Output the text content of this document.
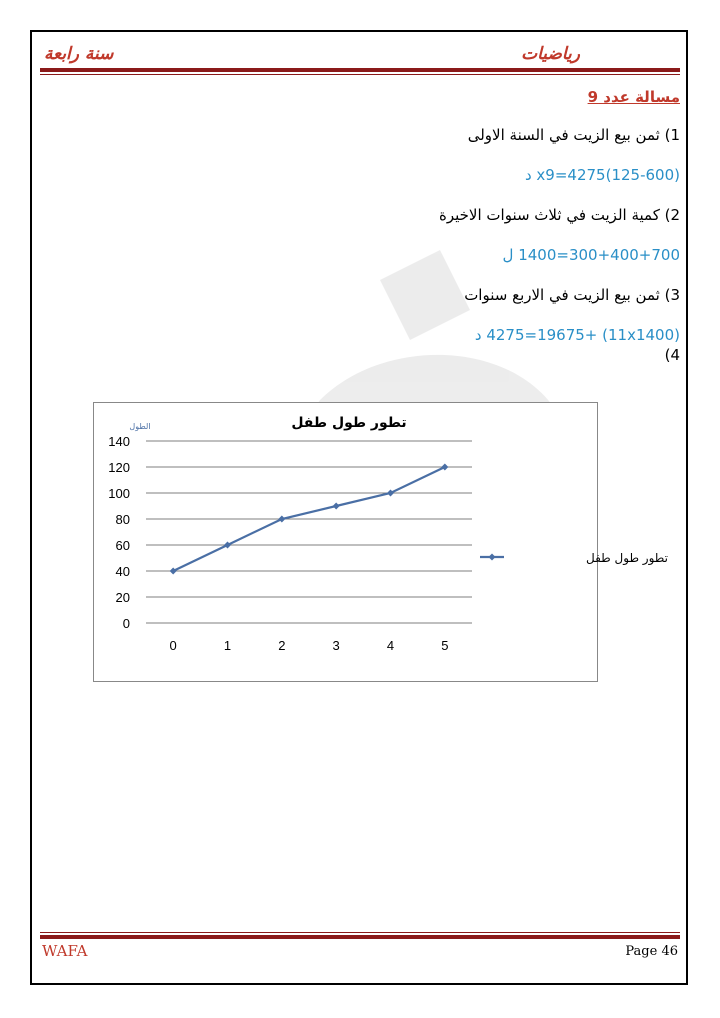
سنة رابعة	رياضيات
مسالة عدد 9

1) ثمن بيع الزيت في السنة الاولى

(125-600)x9=4275 د

2) كمية الزيت في ثلاث سنوات الاخيرة

300+400+700=1400 ل

3) ثمن بيع الزيت في الاربع سنوات

(11x1400) +4275=19675 د

4)
0
20
40
60
80
100
120
140
0	1	2	3	4	5
تطور طول طفل
الطول
تطور طول طفل
WAFA	Page 46
